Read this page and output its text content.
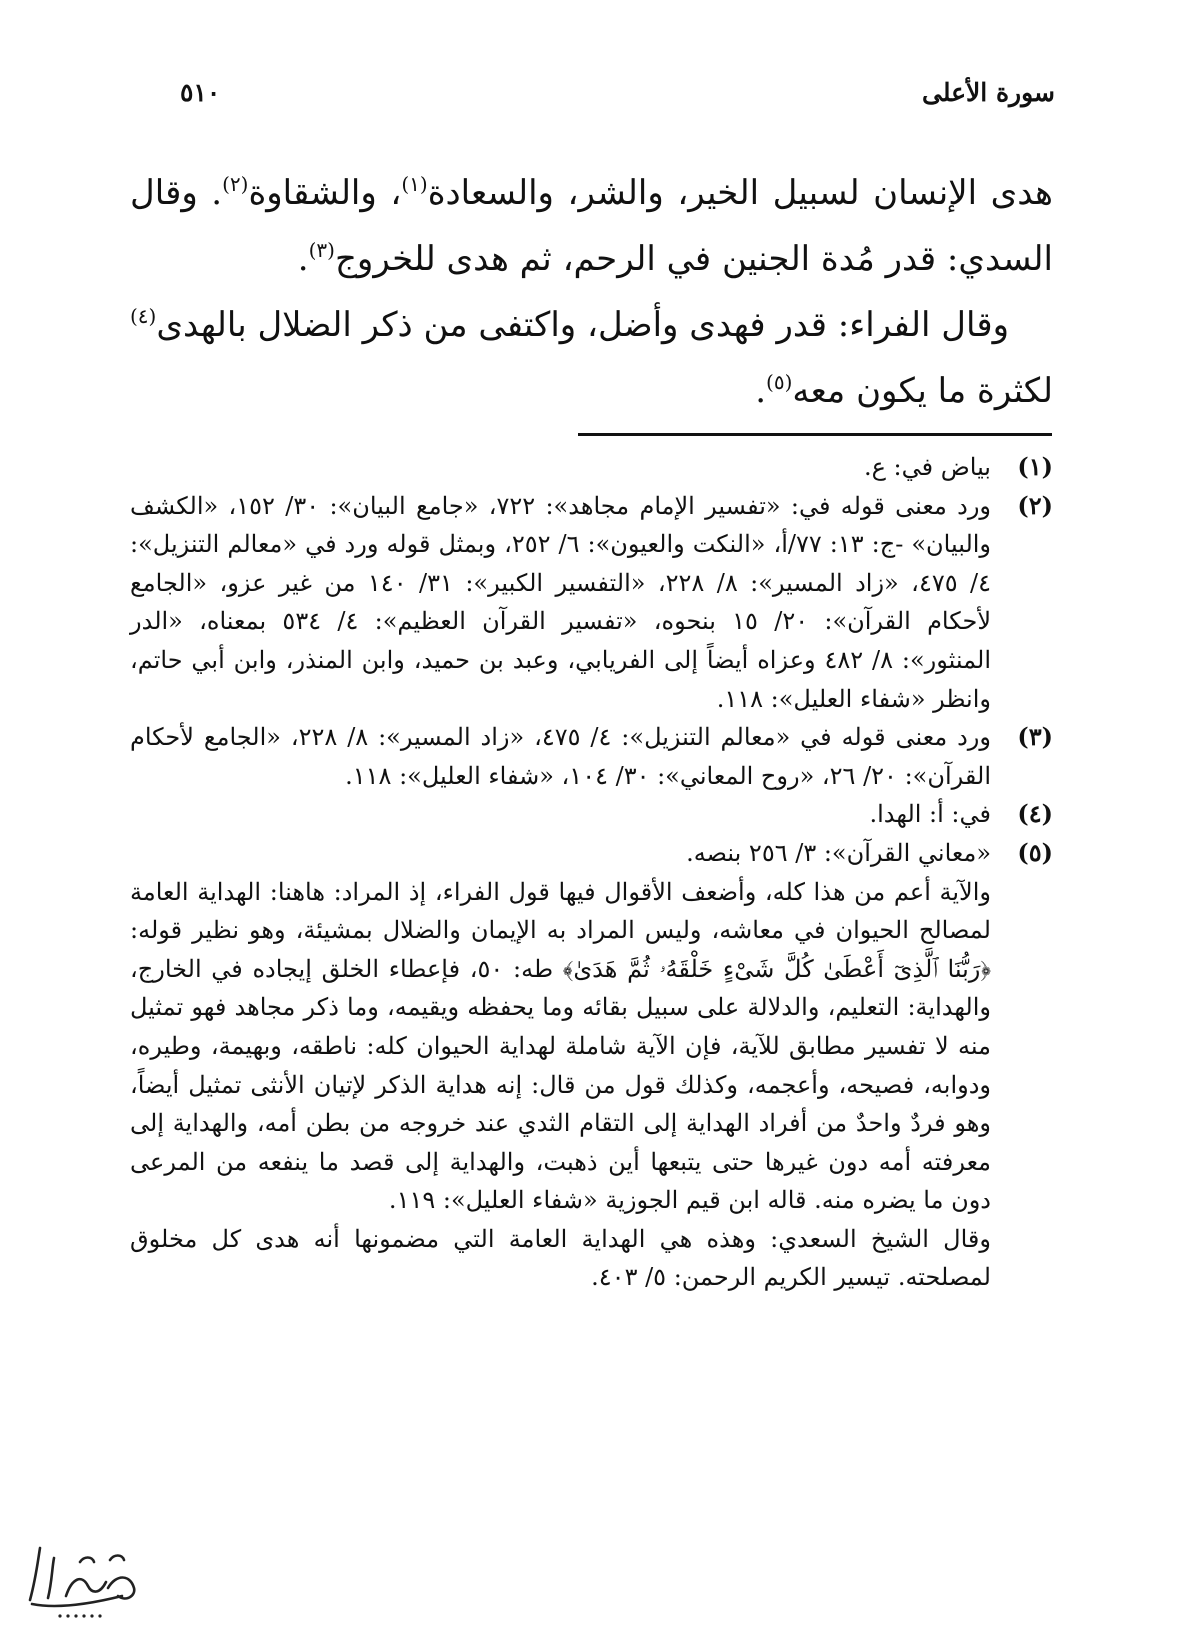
سورة الأعلى
٥١٠

هدى الإنسان لسبيل الخير، والشر، والسعادة$^{(١)}$، والشقاوة$^{(٢)}$. وقال السدي: قدر مُدة الجنين في الرحم، ثم هدى للخروج$^{(٣)}$.

وقال الفراء: قدر فهدى وأضل، واكتفى من ذكر الضلال بالهدى$^{(٤)}$ لكثرة ما يكون معه$^{(٥)}$.

(١)
بياض في: ع.
(٢)
ورد معنى قوله في: «تفسير الإمام مجاهد»: ٧٢٢، «جامع البيان»: ٣٠/ ١٥٢، «الكشف والبيان» -ج: ١٣: ٧٧/أ، «النكت والعيون»: ٦/ ٢٥٢، وبمثل قوله ورد في «معالم التنزيل»: ٤/ ٤٧٥، «زاد المسير»: ٨/ ٢٢٨، «التفسير الكبير»: ٣١/ ١٤٠ من غير عزو، «الجامع لأحكام القرآن»: ٢٠/ ١٥ بنحوه، «تفسير القرآن العظيم»: ٤/ ٥٣٤ بمعناه، «الدر المنثور»: ٨/ ٤٨٢ وعزاه أيضاً إلى الفريابي، وعبد بن حميد، وابن المنذر، وابن أبي حاتم، وانظر «شفاء العليل»: ١١٨.
(٣)
ورد معنى قوله في «معالم التنزيل»: ٤/ ٤٧٥، «زاد المسير»: ٨/ ٢٢٨، «الجامع لأحكام القرآن»: ٢٠/ ٢٦، «روح المعاني»: ٣٠/ ١٠٤، «شفاء العليل»: ١١٨.
(٤)
في: أ: الهدا.
(٥)
«معاني القرآن»: ٣/ ٢٥٦ بنصه.
والآية أعم من هذا كله، وأضعف الأقوال فيها قول الفراء، إذ المراد: هاهنا: الهداية العامة لمصالح الحيوان في معاشه، وليس المراد به الإيمان والضلال بمشيئة، وهو نظير قوله: ﴿رَبُّنَا ٱلَّذِىٓ أَعْطَىٰ كُلَّ شَىْءٍ خَلْقَهُۥ ثُمَّ هَدَىٰ﴾ طه: ٥٠، فإعطاء الخلق إيجاده في الخارج، والهداية: التعليم، والدلالة على سبيل بقائه وما يحفظه ويقيمه، وما ذكر مجاهد فهو تمثيل منه لا تفسير مطابق للآية، فإن الآية شاملة لهداية الحيوان كله: ناطقه، وبهيمة، وطيره، ودوابه، فصيحه، وأعجمه، وكذلك قول من قال: إنه هداية الذكر لإتيان الأنثى تمثيل أيضاً، وهو فردٌ واحدٌ من أفراد الهداية إلى التقام الثدي عند خروجه من بطن أمه، والهداية إلى معرفته أمه دون غيرها حتى يتبعها أين ذهبت، والهداية إلى قصد ما ينفعه من المرعى دون ما يضره منه. قاله ابن قيم الجوزية «شفاء العليل»: ١١٩.
وقال الشيخ السعدي: وهذه هي الهداية العامة التي مضمونها أنه هدى كل مخلوق لمصلحته. تيسير الكريم الرحمن: ٥/ ٤٠٣.
